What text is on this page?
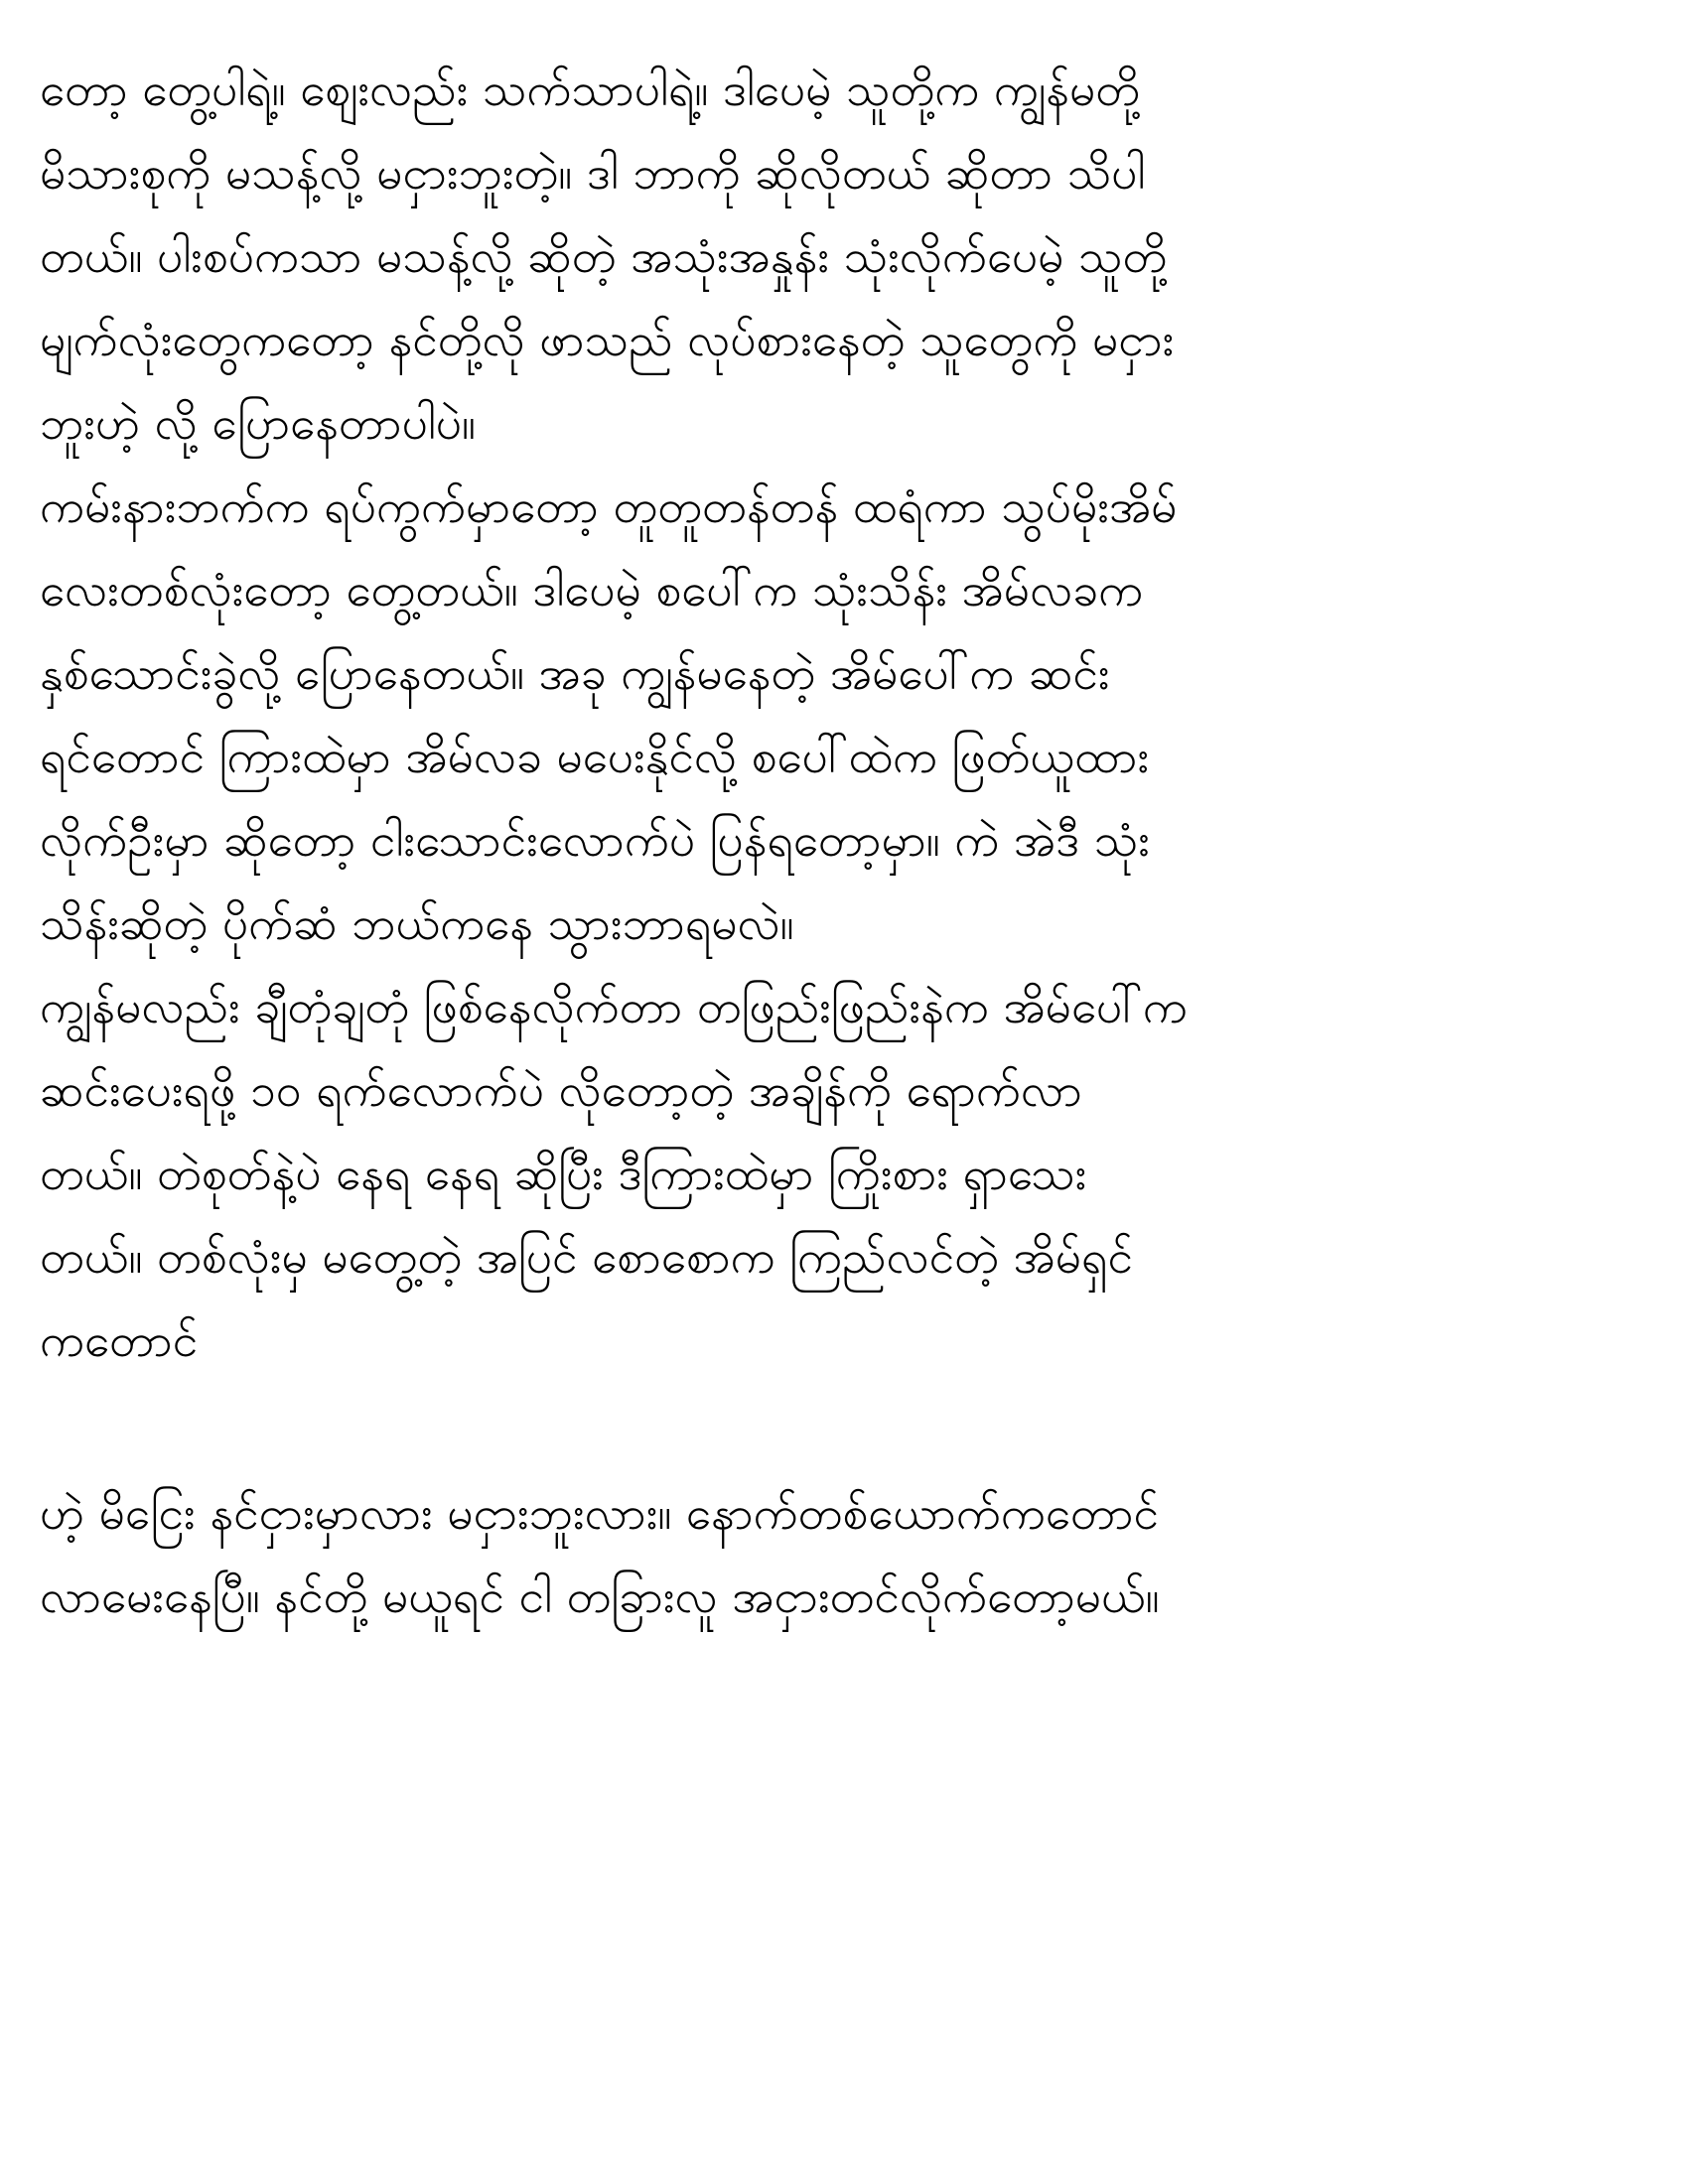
တော့ တွေ့ပါရဲ့။ စျေးလည်း သက်သာပါရဲ့။ ဒါပေမဲ့ သူတို့က ကျွန်မတို့
မိသားစုကို မသန့်လို့ မငှားဘူးတဲ့။ ဒါ ဘာကို ဆိုလိုတယ် ဆိုတာ သိပါ
တယ်။ ပါးစပ်ကသာ မသန့်လို့ ဆိုတဲ့ အသုံးအနှုန်း သုံးလိုက်ပေမဲ့ သူတို့
မျက်လုံးတွေကတော့ နင်တို့လို ဖာသည် လုပ်စားနေတဲ့ သူတွေကို မငှား
ဘူးဟဲ့ လို့ ပြောနေတာပါပဲ။
ကမ်းနားဘက်က ရပ်ကွက်မှာတော့ တူတူတန်တန် ထရံကာ သွပ်မိုးအိမ်
လေးတစ်လုံးတော့ တွေ့တယ်။ ဒါပေမဲ့ စပေါ်က သုံးသိန်း အိမ်လခက
နှစ်သောင်းခွဲလို့ ပြောနေတယ်။ အခု ကျွန်မနေတဲ့ အိမ်ပေါ်က ဆင်း
ရင်တောင် ကြားထဲမှာ အိမ်လခ မပေးနိုင်လို့ စပေါ်ထဲက ဖြတ်ယူထား
လိုက်ဦးမှာ ဆိုတော့ ငါးသောင်းလောက်ပဲ ပြန်ရတော့မှာ။ ကဲ အဲဒီ သုံး
သိန်းဆိုတဲ့ ပိုက်ဆံ ဘယ်ကနေ သွားဘာရမလဲ။
ကျွန်မလည်း ချီတုံချတုံ ဖြစ်နေလိုက်တာ တဖြည်းဖြည်းနဲက အိမ်ပေါ်က
ဆင်းပေးရဖို့ ၁၀ ရက်လောက်ပဲ လိုတော့တဲ့ အချိန်ကို ရောက်လာ
တယ်။ တဲစုတ်နဲ့ပဲ နေရ နေရ ဆိုပြီး ဒီကြားထဲမှာ ကြိုးစား ရှာသေး
တယ်။ တစ်လုံးမှ မတွေ့တဲ့ အပြင် စောစောက ကြည်လင်တဲ့ အိမ်ရှင်
ကတောင်
ဟဲ့ မိငြေး နင်ငှားမှာလား မငှားဘူးလား။ နောက်တစ်ယောက်ကတောင်
လာမေးနေပြီ။ နင်တို့ မယူရင် ငါ တခြားလူ အငှားတင်လိုက်တော့မယ်။
